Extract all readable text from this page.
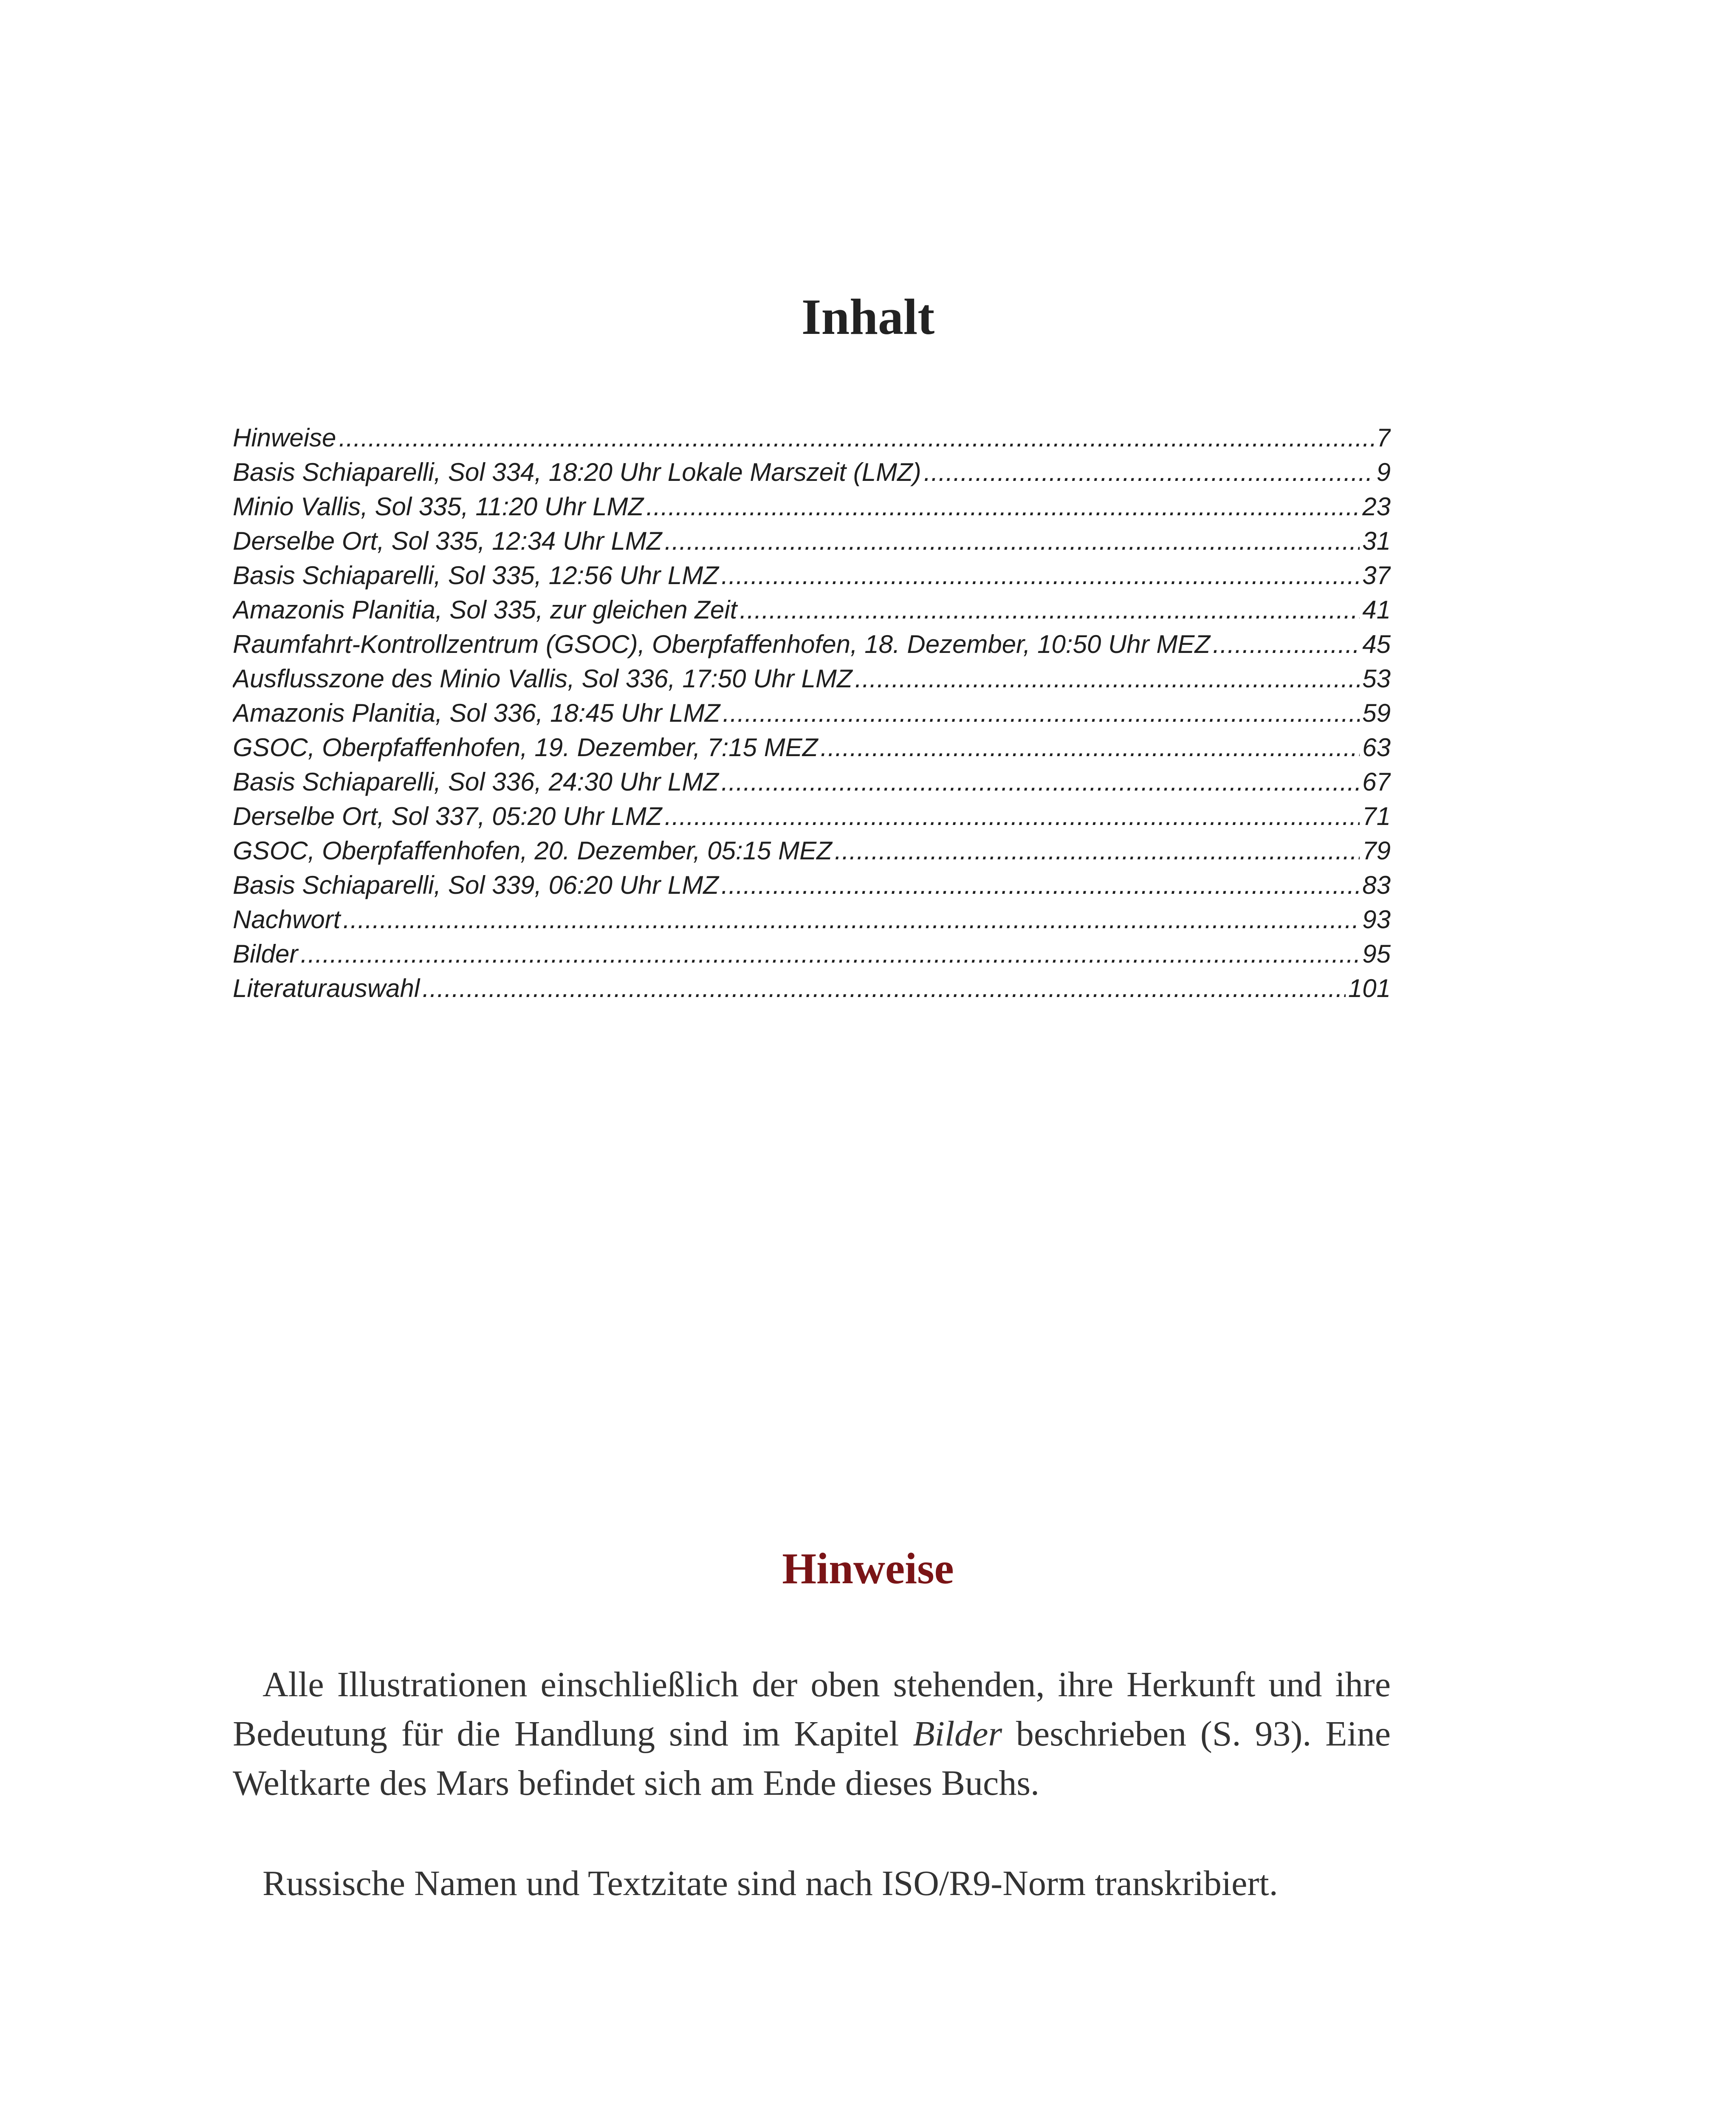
Inhalt
Hinweise . . .	7
Basis Schiaparelli, Sol 334, 18:20 Uhr Lokale Marszeit (LMZ) . . .	9
Minio Vallis, Sol 335, 11:20 Uhr LMZ . . .	23
Derselbe Ort, Sol 335, 12:34 Uhr LMZ . . .	31
Basis Schiaparelli, Sol 335, 12:56 Uhr LMZ . . .	37
Amazonis Planitia, Sol 335, zur gleichen Zeit . . .	41
Raumfahrt-Kontrollzentrum (GSOC), Oberpfaffenhofen, 18. Dezember, 10:50 Uhr MEZ . . .	45
Ausflusszone des Minio Vallis, Sol 336, 17:50 Uhr LMZ . . .	53
Amazonis Planitia, Sol 336, 18:45 Uhr LMZ . . .	59
GSOC, Oberpfaffenhofen, 19. Dezember, 7:15 MEZ . . .	63
Basis Schiaparelli, Sol 336, 24:30 Uhr LMZ . . .	67
Derselbe Ort, Sol 337, 05:20 Uhr LMZ . . .	71
GSOC, Oberpfaffenhofen, 20. Dezember, 05:15 MEZ . . .	79
Basis Schiaparelli, Sol 339, 06:20 Uhr LMZ . . .	83
Nachwort . . .	93
Bilder . . .	95
Literaturauswahl . . .	101
Hinweise

Alle Illustrationen einschließlich der oben stehenden, ihre Herkunft und ihre Bedeutung für die Handlung sind im Kapitel Bilder beschrieben (S. 93). Eine Weltkarte des Mars befindet sich am Ende dieses Buchs.

Russische Namen und Textzitate sind nach ISO/R9-Norm transkribiert.
